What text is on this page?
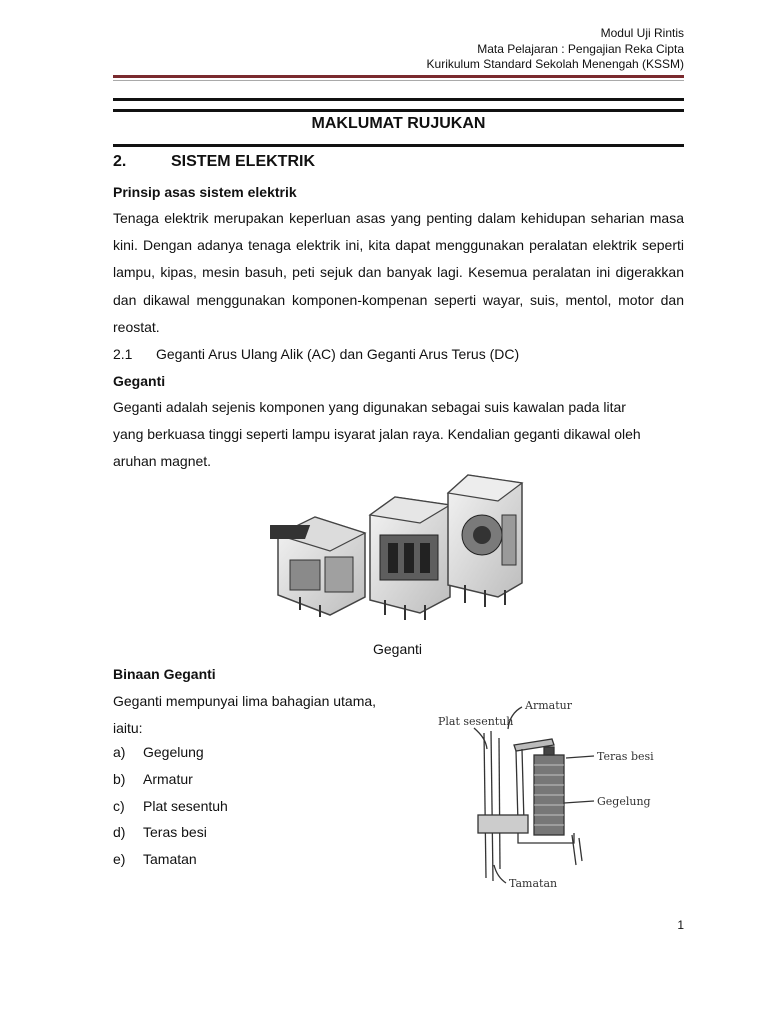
Modul Uji Rintis
Mata Pelajaran : Pengajian Reka Cipta
Kurikulum Standard Sekolah Menengah (KSSM)
MAKLUMAT RUJUKAN
2.	SISTEM ELEKTRIK
Prinsip asas sistem elektrik

Tenaga elektrik merupakan keperluan asas yang penting dalam kehidupan seharian masa kini. Dengan adanya tenaga elektrik ini, kita dapat menggunakan peralatan elektrik seperti lampu, kipas, mesin basuh, peti sejuk dan banyak lagi. Kesemua peralatan ini digerakkan dan dikawal menggunakan komponen-kompenan seperti wayar, suis, mentol, motor dan reostat.

2.1 Geganti Arus Ulang Alik (AC) dan Geganti Arus Terus (DC)
Geganti

Geganti adalah sejenis komponen yang digunakan sebagai suis kawalan pada litar yang berkuasa tinggi seperti lampu isyarat jalan raya. Kendalian geganti dikawal oleh aruhan magnet.

Geganti
Binaan Geganti
Geganti mempunyai lima bahagian utama,
iaitu:
a) Gegelung
b) Armatur
c) Plat sesentuh
d) Teras besi
e) Tamatan
Armatur
Plat sesentuh
Teras besi
Gegelung
Tamatan
1
